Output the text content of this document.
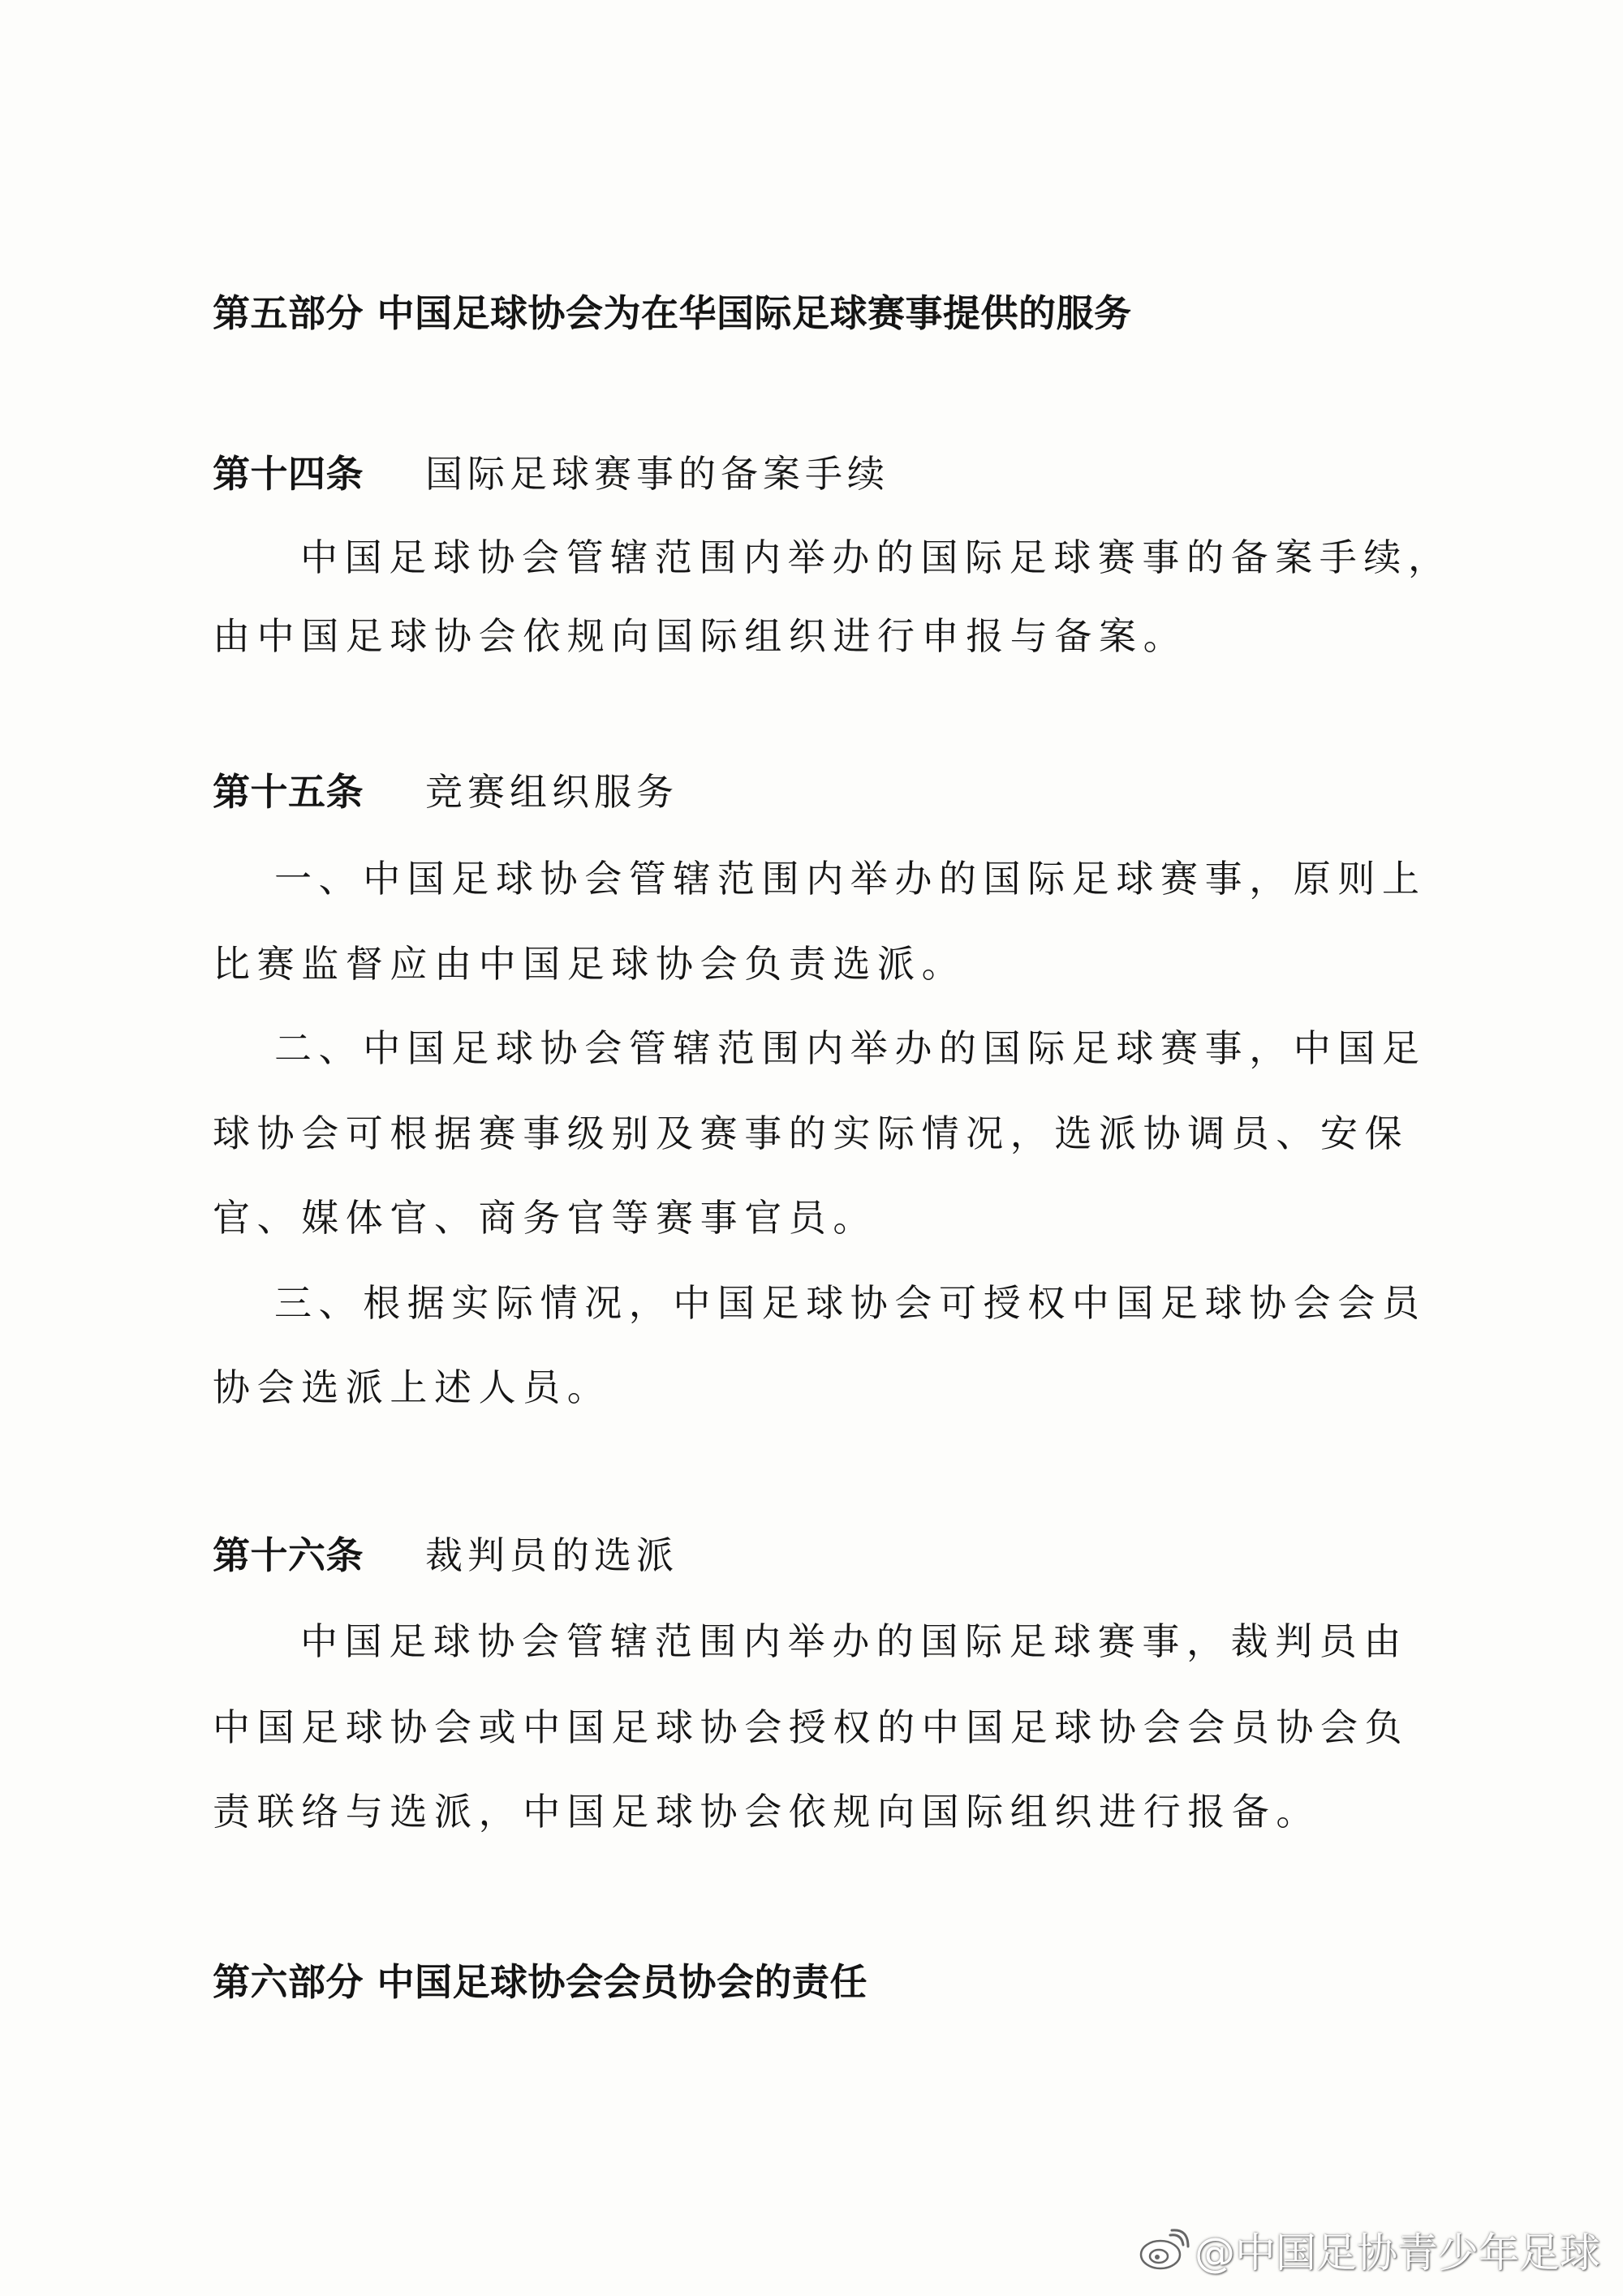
第五部分 中国足球协会为在华国际足球赛事提供的服务
第十四条 国际足球赛事的备案手续
中国足球协会管辖范围内举办的国际足球赛事的备案手续，
由中国足球协会依规向国际组织进行申报与备案。
第十五条 竞赛组织服务
一、中国足球协会管辖范围内举办的国际足球赛事，原则上
比赛监督应由中国足球协会负责选派。
二、中国足球协会管辖范围内举办的国际足球赛事，中国足
球协会可根据赛事级别及赛事的实际情况，选派协调员、安保
官、媒体官、商务官等赛事官员。
三、根据实际情况，中国足球协会可授权中国足球协会会员
协会选派上述人员。
第十六条 裁判员的选派
中国足球协会管辖范围内举办的国际足球赛事，裁判员由
中国足球协会或中国足球协会授权的中国足球协会会员协会负
责联络与选派，中国足球协会依规向国际组织进行报备。
第六部分 中国足球协会会员协会的责任
@中国足协青少年足球
